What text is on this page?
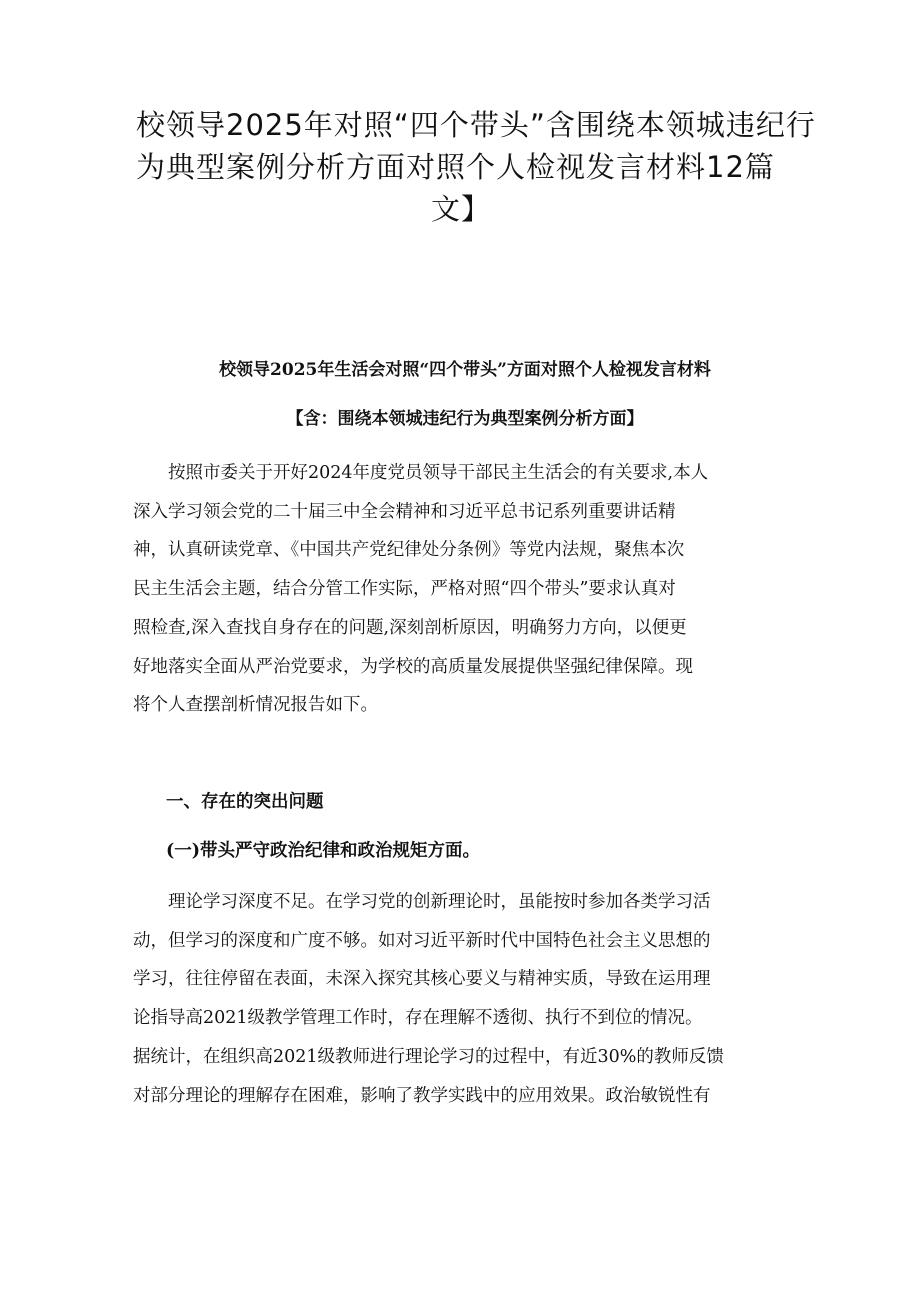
校领导2025年对照“四个带头”含围绕本领城违纪行
为典型案例分析方面对照个人检视发言材料12篇
文】
校领导2025年生活会对照“四个带头”方面对照个人检视发言材料
【含：围绕本领城违纪行为典型案例分析方面】
　　按照市委关于开好2024年度党员领导干部民主生活会的有关要求,本人
深入学习领会党的二十届三中全会精神和习近平总书记系列重要讲话精
神，认真研读党章、《中国共产党纪律处分条例》等党内法规，聚焦本次
民主生活会主题，结合分管工作实际，严格对照“四个带头”要求认真对
照检查,深入查找自身存在的问题,深刻剖析原因，明确努力方向，以便更
好地落实全面从严治党要求，为学校的高质量发展提供坚强纪律保障。现
将个人查摆剖析情况报告如下。
一、存在的突出问题
(一)带头严守政治纪律和政治规矩方面。
　　理论学习深度不足。在学习党的创新理论时，虽能按时参加各类学习活
动，但学习的深度和广度不够。如对习近平新时代中国特色社会主义思想的
学习，往往停留在表面，未深入探究其核心要义与精神实质，导致在运用理
论指导高2021级教学管理工作时，存在理解不透彻、执行不到位的情况。
据统计，在组织高2021级教师进行理论学习的过程中，有近30%的教师反馈
对部分理论的理解存在困难，影响了教学实践中的应用效果。政治敏锐性有
